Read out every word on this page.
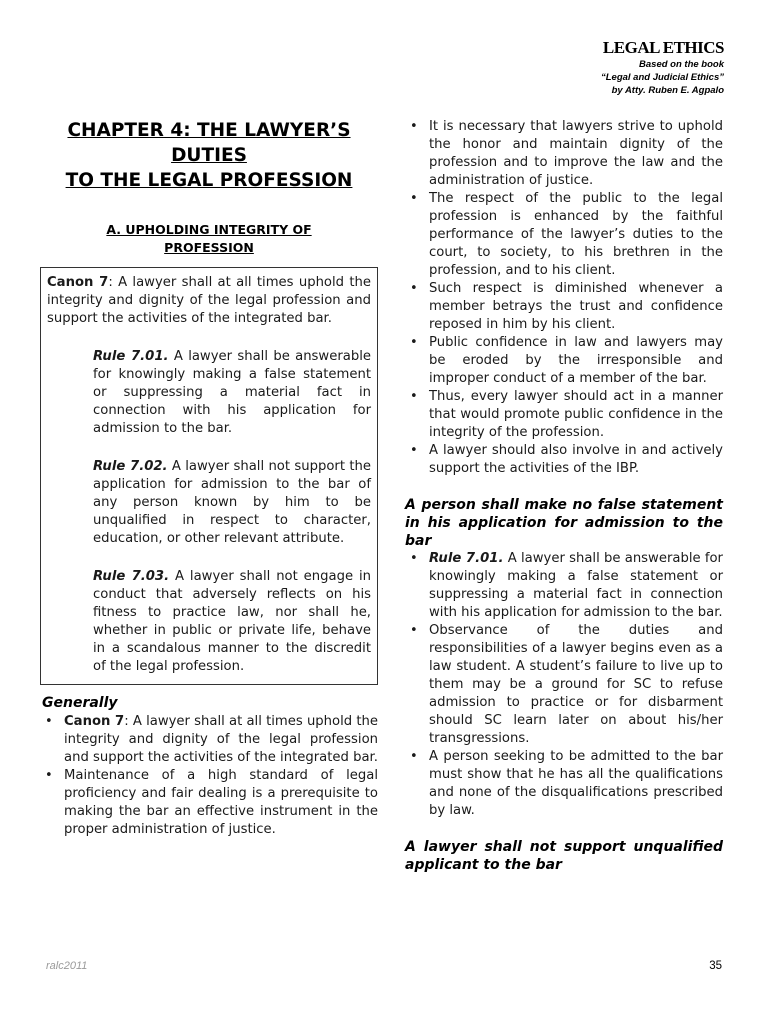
LEGAL ETHICS
Based on the book
“Legal and Judicial Ethics”
by Atty. Ruben E. Agpalo
CHAPTER 4: THE LAWYER’S DUTIES
TO THE LEGAL PROFESSION
A. UPHOLDING INTEGRITY OF PROFESSION

Canon 7: A lawyer shall at all times uphold the integrity and dignity of the legal profession and support the activities of the integrated bar.

Rule 7.01. A lawyer shall be answerable for knowingly making a false statement or suppressing a material fact in connection with his application for admission to the bar.

Rule 7.02. A lawyer shall not support the application for admission to the bar of any person known by him to be unqualified in respect to character, education, or other relevant attribute.

Rule 7.03. A lawyer shall not engage in conduct that adversely reflects on his fitness to practice law, nor shall he, whether in public or private life, behave in a scandalous manner to the discredit of the legal profession.

Generally
• Canon 7: A lawyer shall at all times uphold the integrity and dignity of the legal profession and support the activities of the integrated bar.
• Maintenance of a high standard of legal proficiency and fair dealing is a prerequisite to making the bar an effective instrument in the proper administration of justice.
• It is necessary that lawyers strive to uphold the honor and maintain dignity of the profession and to improve the law and the administration of justice.
• The respect of the public to the legal profession is enhanced by the faithful performance of the lawyer’s duties to the court, to society, to his brethren in the profession, and to his client.
• Such respect is diminished whenever a member betrays the trust and confidence reposed in him by his client.
• Public confidence in law and lawyers may be eroded by the irresponsible and improper conduct of a member of the bar.
• Thus, every lawyer should act in a manner that would promote public confidence in the integrity of the profession.
• A lawyer should also involve in and actively support the activities of the IBP.
A person shall make no false statement in his application for admission to the bar
• Rule 7.01. A lawyer shall be answerable for knowingly making a false statement or suppressing a material fact in connection with his application for admission to the bar.
• Observance of the duties and responsibilities of a lawyer begins even as a law student. A student’s failure to live up to them may be a ground for SC to refuse admission to practice or for disbarment should SC learn later on about his/her transgressions.
• A person seeking to be admitted to the bar must show that he has all the qualifications and none of the disqualifications prescribed by law.
A lawyer shall not support unqualified applicant to the bar
ralc2011	35
